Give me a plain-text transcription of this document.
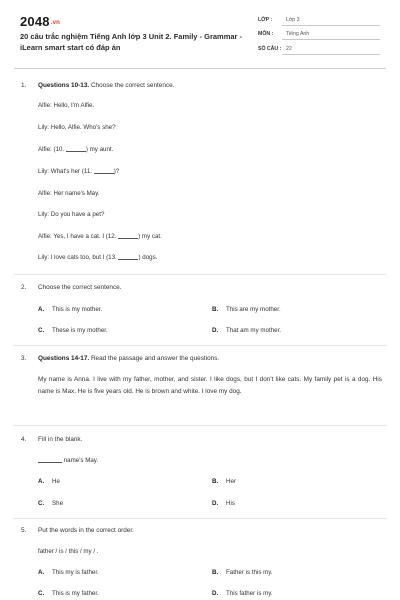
2048.vn
20 câu trắc nghiệm Tiếng Anh lớp 3 Unit 2. Family - Grammar - iLearn smart start có đáp án
LỚP :	Lớp 3
MÔN : Tiếng Anh
SỐ CÂU : 22
1. Questions 10-13. Choose the correct sentence.
Alfie: Hello, I'm Alfie.
Lily: Hello, Alfie. Who's she?
Alfie: (10.	) my aunt.
Lily: What's her (11.	)?
Alfie: Her name's May.
Lily: Do you have a pet?
Alfie: Yes, I have a cat. I (12.	) my cat.
Lily: I love cats too, but I (13.	) dogs.
2. Choose the correct sentence.
A. This is my mother.	B. This are my mother.
C. These is my mother.	D. That am my mother.
3. Questions 14-17. Read the passage and answer the questions.
My name is Anna. I live with my father, mother, and sister. I like dogs, but I don't like cats. My family pet is a dog. His name is Max. He is five years old. He is brown and white. I love my dog.
4. Fill in the blank.
name's May.
A. He	B. Her
C. She	D. His
5. Put the words in the correct order.
father / is / this / my / .
A. This my is father.	B. Father is this my.
C. This is my father.	D. This father is my.
